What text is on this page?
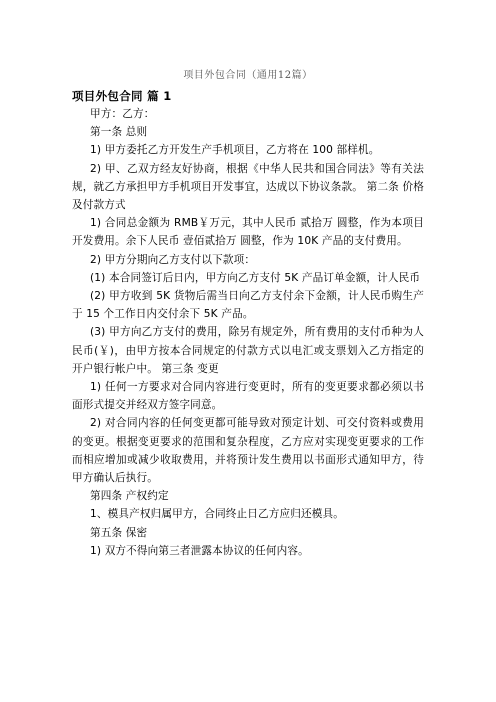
项目外包合同（通用12篇）

项目外包合同 篇 1

甲方：乙方：

第一条 总则

1) 甲方委托乙方开发生产手机项目，乙方将在 100 部样机。

2) 甲、乙双方经友好协商，根据《中华人民共和国合同法》等有关法规，就乙方承担甲方手机项目开发事宜，达成以下协议条款。 第二条 价格及付款方式

1) 合同总金额为 RMB￥万元，其中人民币 贰拾万 圆整，作为本项目开发费用。余下人民币 壹佰贰拾万 圆整，作为 10K 产品的支付费用。

2) 甲方分期向乙方支付以下款项：

(1) 本合同签订后日内，甲方向乙方支付 5K 产品订单金额，计人民币

(2) 甲方收到 5K 货物后需当日向乙方支付余下金额，计人民币购生产于 15 个工作日内交付余下 5K 产品。

(3) 甲方向乙方支付的费用，除另有规定外，所有费用的支付币种为人民币(￥)，由甲方按本合同规定的付款方式以电汇或支票划入乙方指定的开户银行帐户中。 第三条 变更

1) 任何一方要求对合同内容进行变更时，所有的变更要求都必须以书面形式提交并经双方签字同意。

2) 对合同内容的任何变更都可能导致对预定计划、可交付资料或费用的变更。根据变更要求的范围和复杂程度，乙方应对实现变更要求的工作而相应增加或减少收取费用，并将预计发生费用以书面形式通知甲方，待甲方确认后执行。

第四条 产权约定

1、模具产权归属甲方，合同终止日乙方应归还模具。

第五条 保密

1) 双方不得向第三者泄露本协议的任何内容。
